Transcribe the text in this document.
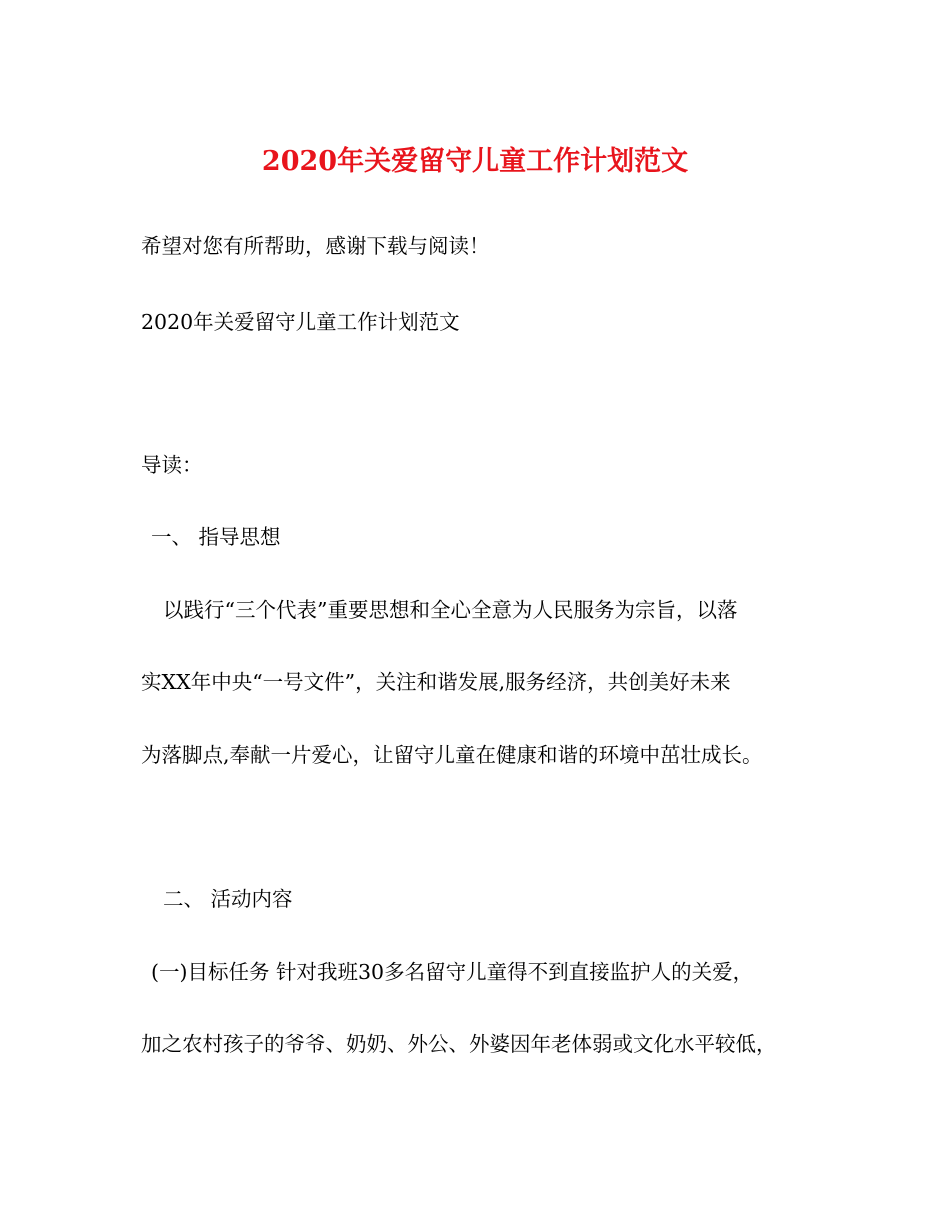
2020年关爱留守儿童工作计划范文
希望对您有所帮助，感谢下载与阅读！
2020年关爱留守儿童工作计划范文
导读：
一、 指导思想
以践行“三个代表”重要思想和全心全意为人民服务为宗旨，以落
实XX年中央“一号文件”，关注和谐发展,服务经济，共创美好未来
为落脚点,奉献一片爱心，让留守儿童在健康和谐的环境中茁壮成长。
二、 活动内容
(一)目标任务 针对我班30多名留守儿童得不到直接监护人的关爱，
加之农村孩子的爷爷、奶奶、外公、外婆因年老体弱或文化水平较低，
